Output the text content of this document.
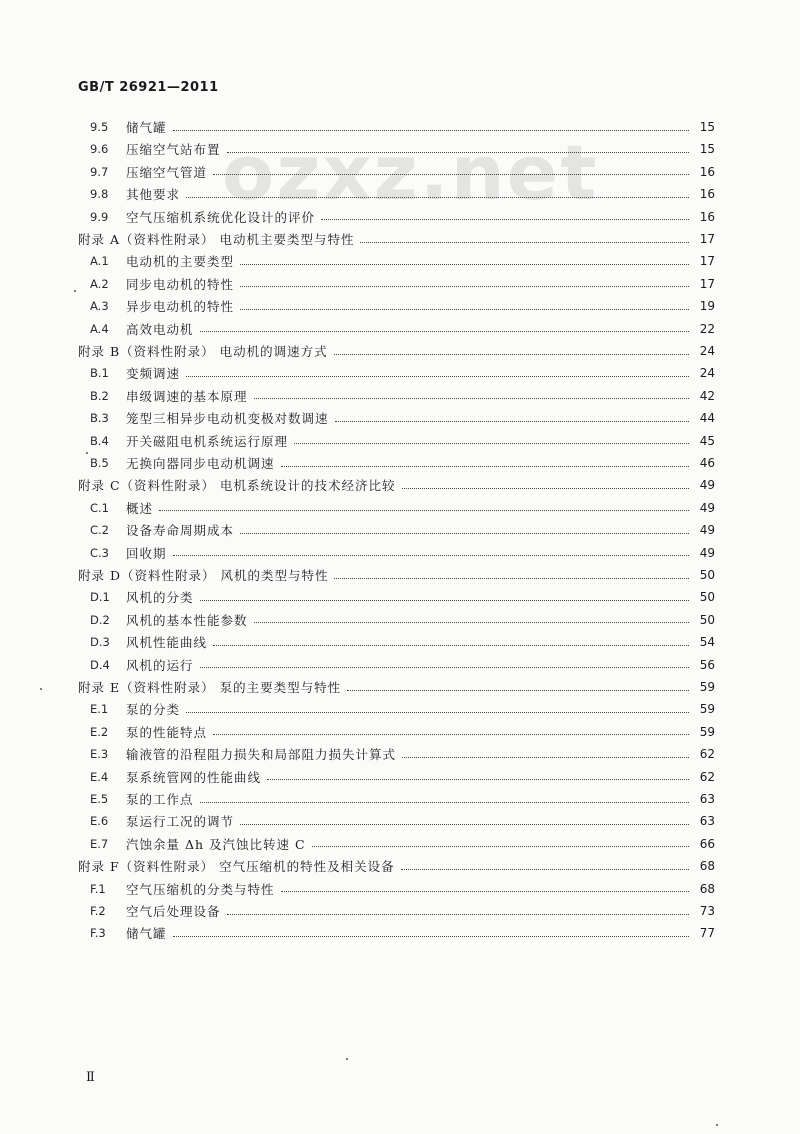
GB/T 26921—2011
ozxz.net
9.5	储气罐	15
9.6	压缩空气站布置	15
9.7	压缩空气管道	16
9.8	其他要求	16
9.9	空气压缩机系统优化设计的评价	16
附录 A（资料性附录） 电动机主要类型与特性	17
A.1	电动机的主要类型	17
A.2	同步电动机的特性	17
A.3	异步电动机的特性	19
A.4	高效电动机	22
附录 B（资料性附录） 电动机的调速方式	24
B.1	变频调速	24
B.2	串级调速的基本原理	42
B.3	笼型三相异步电动机变极对数调速	44
B.4	开关磁阻电机系统运行原理	45
B.5	无换向器同步电动机调速	46
附录 C（资料性附录） 电机系统设计的技术经济比较	49
C.1	概述	49
C.2	设备寿命周期成本	49
C.3	回收期	49
附录 D（资料性附录） 风机的类型与特性	50
D.1	风机的分类	50
D.2	风机的基本性能参数	50
D.3	风机性能曲线	54
D.4	风机的运行	56
附录 E（资料性附录） 泵的主要类型与特性	59
E.1	泵的分类	59
E.2	泵的性能特点	59
E.3	输液管的沿程阻力损失和局部阻力损失计算式	62
E.4	泵系统管网的性能曲线	62
E.5	泵的工作点	63
E.6	泵运行工况的调节	63
E.7	汽蚀余量 Δh 及汽蚀比转速 C	66
附录 F（资料性附录） 空气压缩机的特性及相关设备	68
F.1	空气压缩机的分类与特性	68
F.2	空气后处理设备	73
F.3	储气罐	77
Ⅱ
